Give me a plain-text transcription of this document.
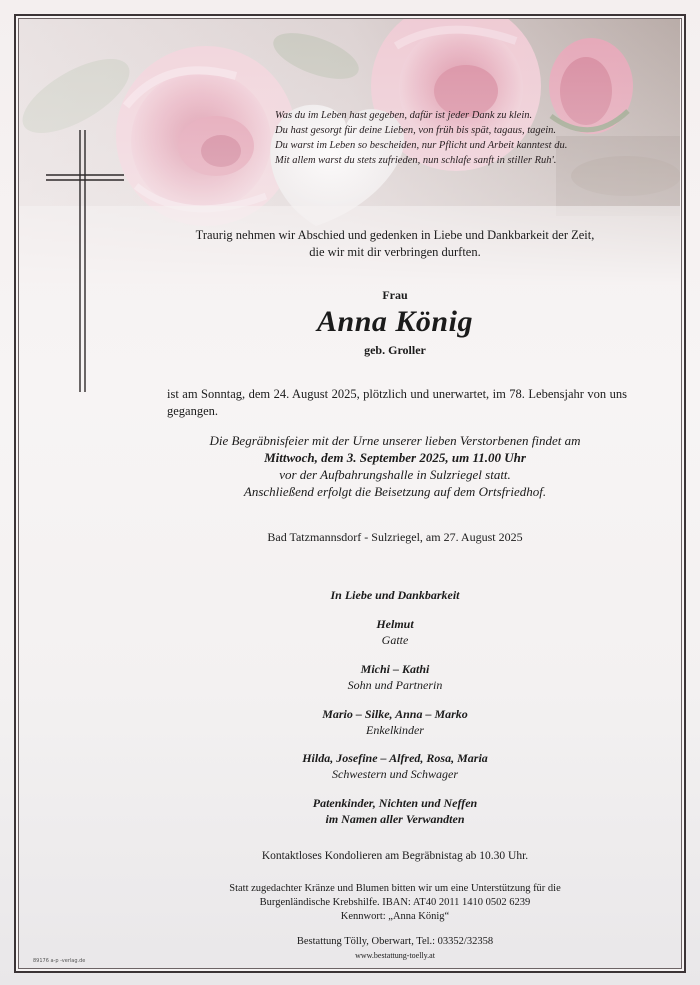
Was du im Leben hast gegeben, dafür ist jeder Dank zu klein.
Du hast gesorgt für deine Lieben, von früh bis spät, tagaus, tagein.
Du warst im Leben so bescheiden, nur Pflicht und Arbeit kanntest du.
Mit allem warst du stets zufrieden, nun schlafe sanft in stiller Ruh'.
Traurig nehmen wir Abschied und gedenken in Liebe und Dankbarkeit der Zeit,
die wir mit dir verbringen durften.
Frau
Anna König
geb. Groller
ist am Sonntag, dem 24. August 2025, plötzlich und unerwartet, im 78. Lebensjahr von uns gegangen.
Die Begräbnisfeier mit der Urne unserer lieben Verstorbenen findet am
Mittwoch, dem 3. September 2025, um 11.00 Uhr
vor der Aufbahrungshalle in Sulzriegel statt.
Anschließend erfolgt die Beisetzung auf dem Ortsfriedhof.
Bad Tatzmannsdorf - Sulzriegel, am 27. August 2025
In Liebe und Dankbarkeit
Helmut
Gatte
Michi – Kathi
Sohn und Partnerin
Mario – Silke, Anna – Marko
Enkelkinder
Hilda, Josefine – Alfred, Rosa, Maria
Schwestern und Schwager
Patenkinder, Nichten und Neffen
im Namen aller Verwandten
Kontaktloses Kondolieren am Begräbnistag ab 10.30 Uhr.
Statt zugedachter Kränze und Blumen bitten wir um eine Unterstützung für die
Burgenländische Krebshilfe. IBAN: AT40 2011 1410 0502 6239
Kennwort: „Anna König“
Bestattung Tölly, Oberwart, Tel.: 03352/32358
www.bestattung-toelly.at
89176 a-p -verlag.de
